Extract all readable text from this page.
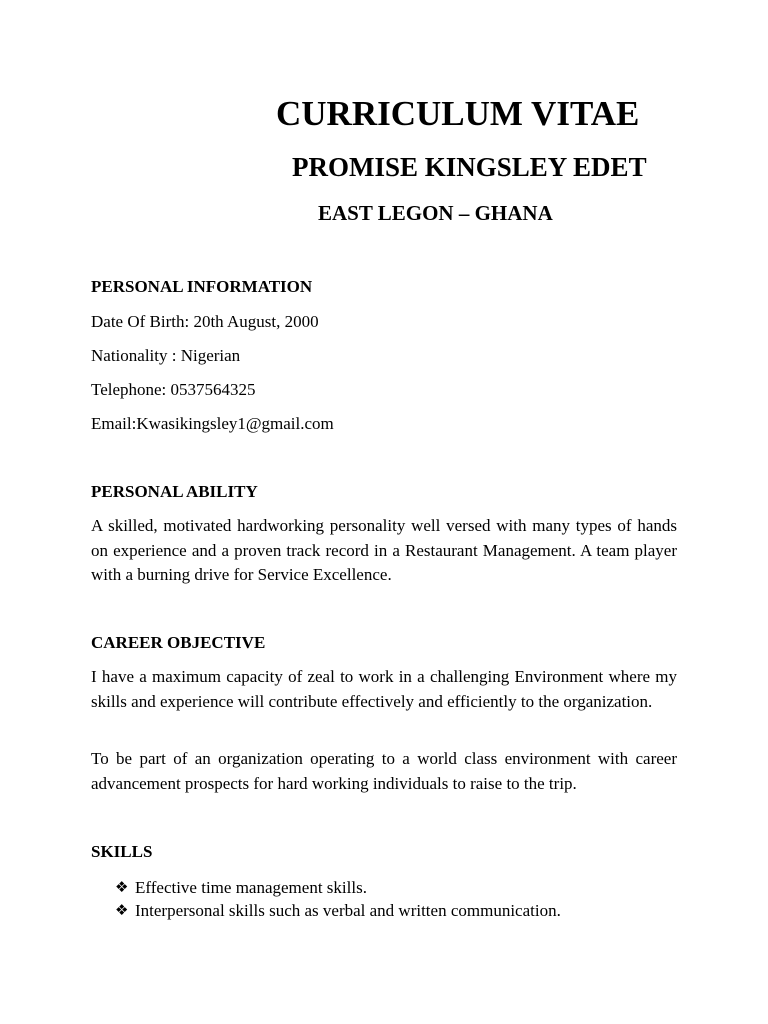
CURRICULUM VITAE
PROMISE KINGSLEY EDET
EAST LEGON – GHANA

PERSONAL INFORMATION

Date Of Birth: 20th August, 2000

Nationality : Nigerian

Telephone: 0537564325

Email:Kwasikingsley1@gmail.com

PERSONAL ABILITY

A skilled, motivated hardworking personality well versed with many types of hands on experience and a proven track record in a Restaurant Management. A team player with a burning drive for Service Excellence.

CAREER OBJECTIVE

I have a maximum capacity of zeal to work in a challenging Environment where my skills and experience will contribute effectively and efficiently to the organization.

To be part of an organization operating to a world class environment with career advancement prospects for hard working individuals to raise to the trip.

SKILLS

❖ Effective time management skills.
❖ Interpersonal skills such as verbal and written communication.
